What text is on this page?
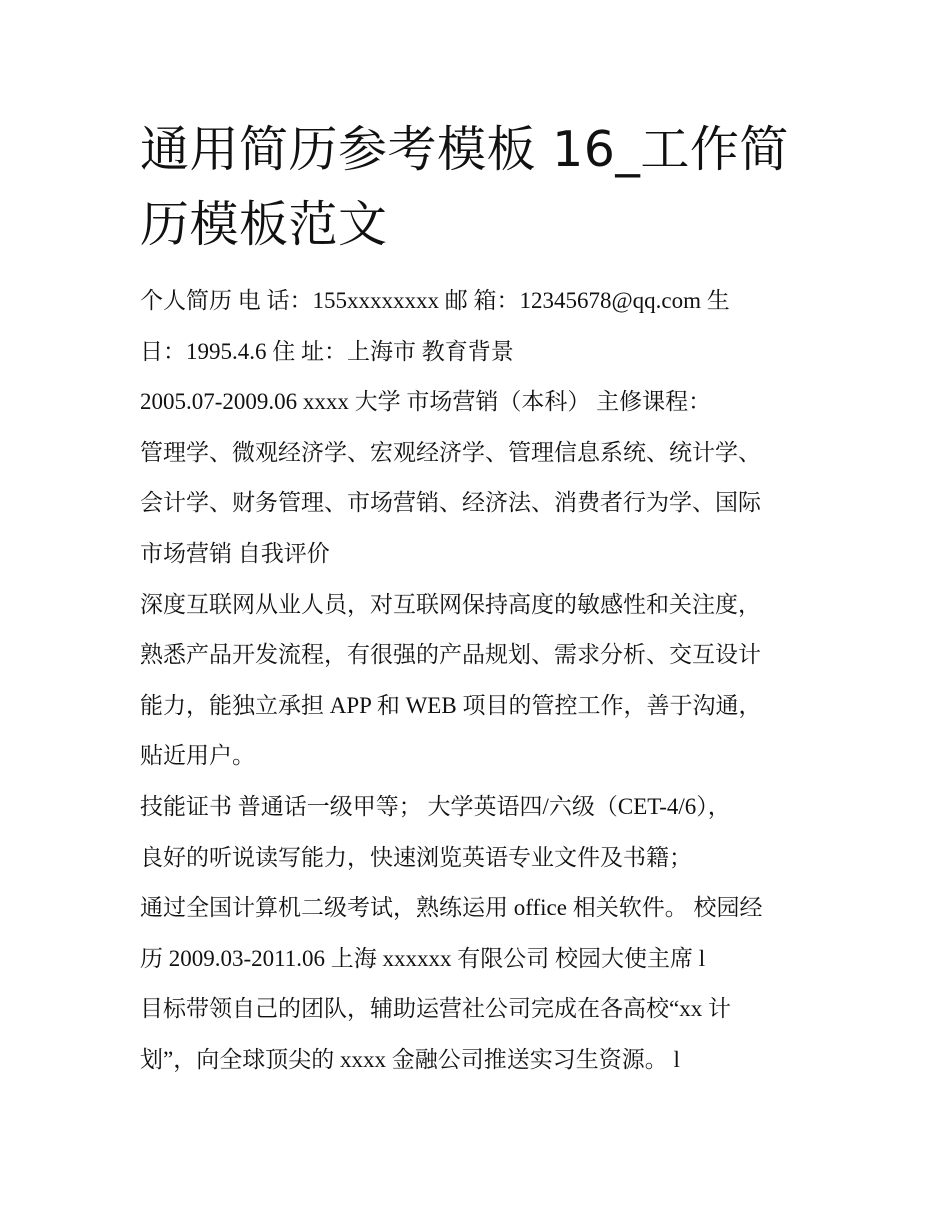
通用简历参考模板 16_工作简
历模板范文
个人简历 电 话：155xxxxxxxx 邮 箱：12345678@qq.com 生
日：1995.4.6 住 址：上海市 教育背景
2005.07-2009.06 xxxx 大学 市场营销（本科） 主修课程：
管理学、微观经济学、宏观经济学、管理信息系统、统计学、
会计学、财务管理、市场营销、经济法、消费者行为学、国际
市场营销 自我评价
深度互联网从业人员，对互联网保持高度的敏感性和关注度，
熟悉产品开发流程，有很强的产品规划、需求分析、交互设计
能力，能独立承担 APP 和 WEB 项目的管控工作，善于沟通，
贴近用户。
技能证书 普通话一级甲等； 大学英语四/六级（CET-4/6），
良好的听说读写能力，快速浏览英语专业文件及书籍；
通过全国计算机二级考试，熟练运用 office 相关软件。 校园经
历 2009.03-2011.06 上海 xxxxxx 有限公司 校园大使主席 l
目标带领自己的团队，辅助运营社公司完成在各高校“xx 计
划”，向全球顶尖的 xxxx 金融公司推送实习生资源。 l
